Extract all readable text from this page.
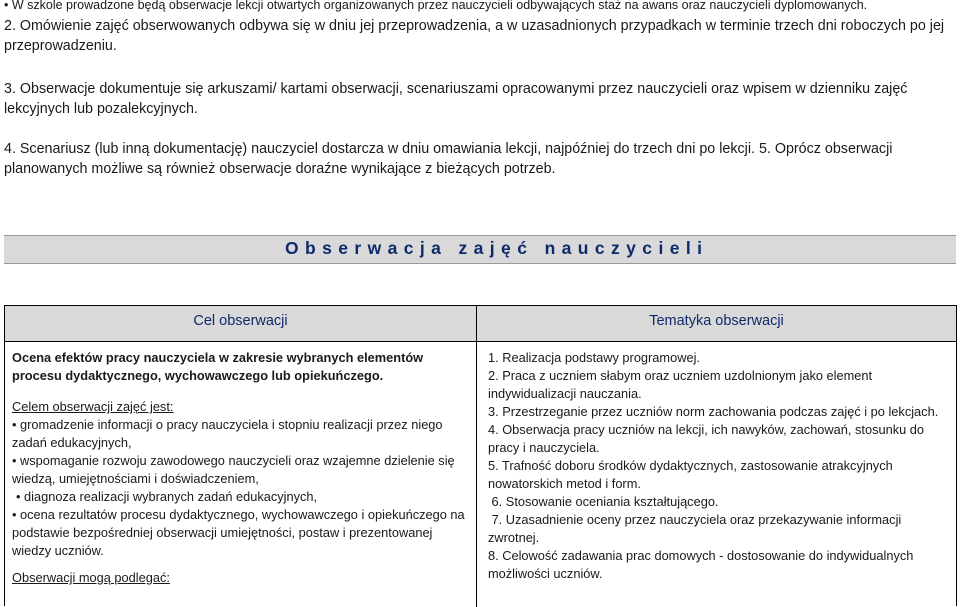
• W szkole prowadzone będą obserwacje lekcji otwartych organizowanych przez nauczycieli odbywających staż na awans oraz nauczycieli dyplomowanych.
2. Omówienie zajęć obserwowanych odbywa się w dniu jej przeprowadzenia, a w uzasadnionych przypadkach w terminie trzech dni roboczych po jej przeprowadzeniu.
3. Obserwacje dokumentuje się arkuszami/ kartami obserwacji, scenariuszami opracowanymi przez nauczycieli oraz wpisem w dzienniku zajęć lekcyjnych lub pozalekcyjnych.
4. Scenariusz (lub inną dokumentację) nauczyciel dostarcza w dniu omawiania lekcji, najpóźniej do trzech dni po lekcji. 5. Oprócz obserwacji planowanych możliwe są również obserwacje doraźne wynikające z bieżących potrzeb.
Obserwacja zajęć nauczycieli
Cel obserwacji	Tematyka obserwacji
Ocena efektów pracy nauczyciela w zakresie wybranych elementów procesu dydaktycznego, wychowawczego lub opiekuńczego.
Celem obserwacji zajęć jest:
• gromadzenie informacji o pracy nauczyciela i stopniu realizacji przez niego zadań edukacyjnych,
• wspomaganie rozwoju zawodowego nauczycieli oraz wzajemne dzielenie się wiedzą, umiejętnościami i doświadczeniem,
• diagnoza realizacji wybranych zadań edukacyjnych,
• ocena rezultatów procesu dydaktycznego, wychowawczego i opiekuńczego na podstawie bezpośredniej obserwacji umiejętności, postaw i prezentowanej wiedzy uczniów.
Obserwacji mogą podlegać:
1. Realizacja podstawy programowej.
2. Praca z uczniem słabym oraz uczniem uzdolnionym jako element indywidualizacji nauczania.
3. Przestrzeganie przez uczniów norm zachowania podczas zajęć i po lekcjach.
4. Obserwacja pracy uczniów na lekcji, ich nawyków, zachowań, stosunku do pracy i nauczyciela.
5. Trafność doboru środków dydaktycznych, zastosowanie atrakcyjnych nowatorskich metod i form.
6. Stosowanie oceniania kształtującego.
7. Uzasadnienie oceny przez nauczyciela oraz przekazywanie informacji zwrotnej.
8. Celowość zadawania prac domowych - dostosowanie do indywidualnych możliwości uczniów.
